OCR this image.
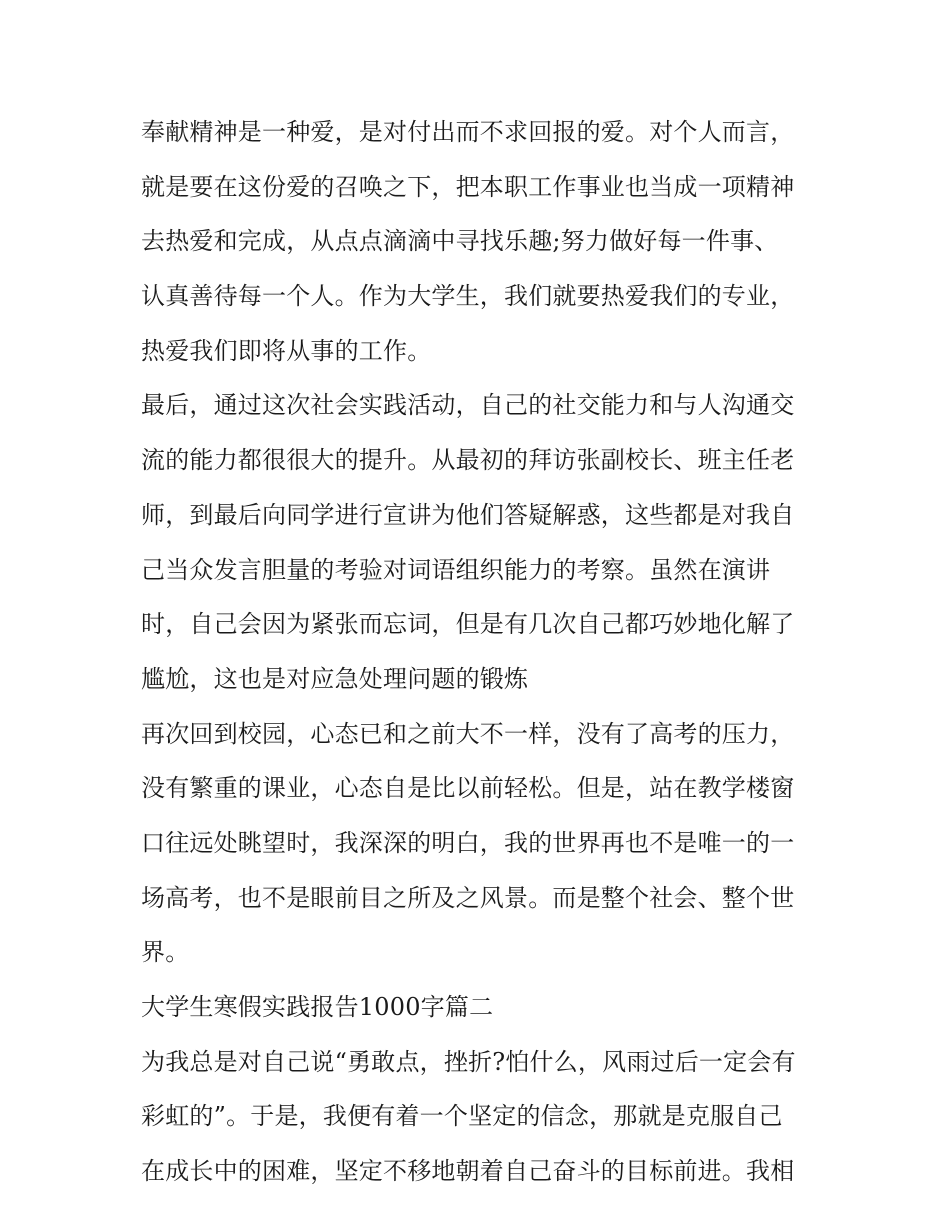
奉献精神是一种爱，是对付出而不求回报的爱。对个人而言，
就是要在这份爱的召唤之下，把本职工作事业也当成一项精神
去热爱和完成，从点点滴滴中寻找乐趣;努力做好每一件事、
认真善待每一个人。作为大学生，我们就要热爱我们的专业，
热爱我们即将从事的工作。
最后，通过这次社会实践活动，自己的社交能力和与人沟通交
流的能力都很很大的提升。从最初的拜访张副校长、班主任老
师，到最后向同学进行宣讲为他们答疑解惑，这些都是对我自
己当众发言胆量的考验对词语组织能力的考察。虽然在演讲
时，自己会因为紧张而忘词，但是有几次自己都巧妙地化解了
尴尬，这也是对应急处理问题的锻炼
再次回到校园，心态已和之前大不一样，没有了高考的压力，
没有繁重的课业，心态自是比以前轻松。但是，站在教学楼窗
口往远处眺望时，我深深的明白，我的世界再也不是唯一的一
场高考，也不是眼前目之所及之风景。而是整个社会、整个世
界。
大学生寒假实践报告1000字篇二
为我总是对自己说“勇敢点，挫折?怕什么，风雨过后一定会有
彩虹的”。于是，我便有着一个坚定的信念，那就是克服自己
在成长中的困难，坚定不移地朝着自己奋斗的目标前进。我相
